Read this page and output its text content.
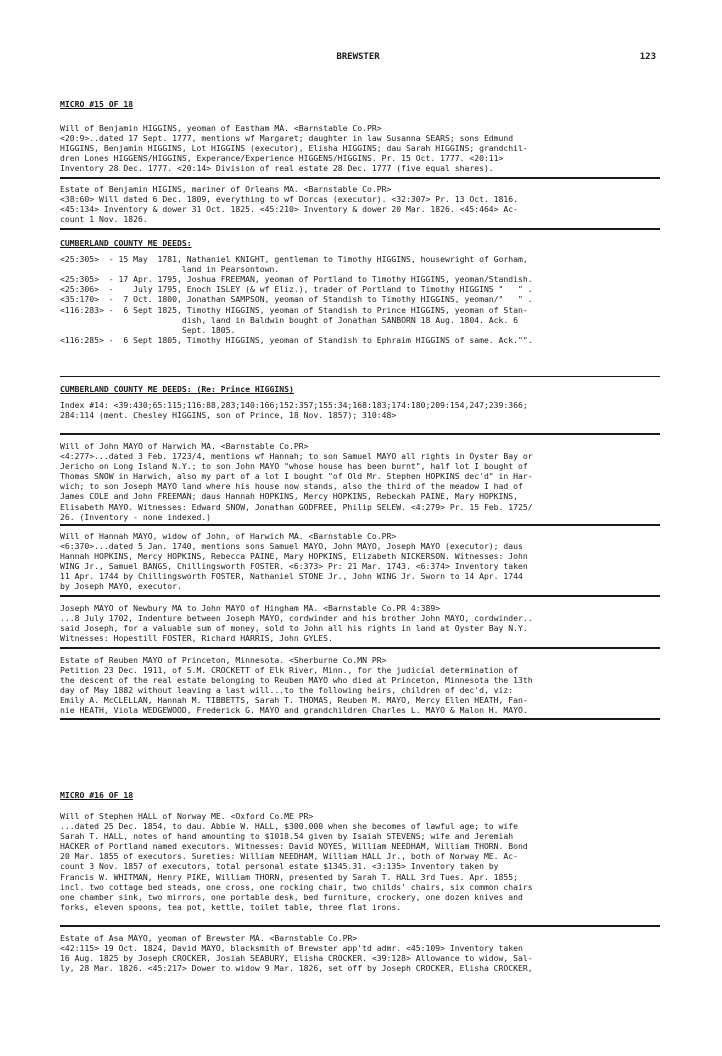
BREWSTER	123
MICRO #15 OF 18
Will of Benjamin HIGGINS, yeoman of Eastham MA. <Barnstable Co.PR>
<20:9>..dated 17 Sept. 1777, mentions wf Margaret; daughter in law Susanna SEARS; sons Edmund
HIGGINS, Benjamin HIGGINS, Lot HIGGINS (executor), Elisha HIGGINS; dau Sarah HIGGINS; grandchil-
dren Lones HIGGENS/HIGGINS, Experance/Experience HIGGENS/HIGGINS. Pr. 15 Oct. 1777. <20:11>
Inventory 28 Dec. 1777. <20:14> Division of real estate 28 Dec. 1777 (five equal shares).
Estate of Benjamin HIGINS, mariner of Orleans MA. <Barnstable Co.PR>
<38:60> Will dated 6 Dec. 1809, everything to wf Dorcas (executor). <32:307> Pr. 13 Oct. 1816.
<45:134> Inventory & dower 31 Oct. 1825. <45:210> Inventory & dower 20 Mar. 1826. <45:464> Ac-
count 1 Nov. 1826.
CUMBERLAND COUNTY ME DEEDS:
<25:305>  - 15 May  1781, Nathaniel KNIGHT, gentleman to Timothy HIGGINS, housewright of Gorham,
land in Pearsontown.
<25:305>  - 17 Apr. 1795, Joshua FREEMAN, yeoman of Portland to Timothy HIGGINS, yeoman/Standish.
<25:306>  -    July 1795, Enoch ISLEY (& wf Eliz.), trader of Portland to Timothy HIGGINS "   " .
<35:170>  -  7 Oct. 1800, Jonathan SAMPSON, yeoman of Standish to Timothy HIGGINS, yeoman/"   " .
<116:283> -  6 Sept 1825, Timothy HIGGINS, yeoman of Standish to Prince HIGGINS, yeoman of Stan-
dish, land in Baldwin bought of Jonathan SANBORN 18 Aug. 1804. Ack. 6
Sept. 1805.
<116:285> -  6 Sept 1805, Timothy HIGGINS, yeoman of Standish to Ephraim HIGGINS of same. Ack."".
CUMBERLAND COUNTY ME DEEDS: (Re: Prince HIGGINS)
Index #14: <39:430;65:115;116:88,283;140:166;152:357;155:34;168:183;174:180;209:154,247;239:366;
284:114 (ment. Chesley HIGGINS, son of Prince, 18 Nov. 1857); 310:48>
Will of John MAYO of Harwich MA. <Barnstable Co.PR>
<4:277>...dated 3 Feb. 1723/4, mentions wf Hannah; to son Samuel MAYO all rights in Oyster Bay or
Jericho on Long Island N.Y.; to son John MAYO "whose house has been burnt", half lot I bought of
Thomas SNOW in Harwich, also my part of a lot I bought "of Old Mr. Stephen HOPKINS dec'd" in Har-
wich; to son Joseph MAYO land where his house now stands, also the third of the meadow I had of
James COLE and John FREEMAN; daus Hannah HOPKINS, Mercy HOPKINS, Rebeckah PAINE, Mary HOPKINS,
Elisabeth MAYO. Witnesses: Edward SNOW, Jonathan GODFREE, Philip SELEW. <4:279> Pr. 15 Feb. 1725/
26. (Inventory - none indexed.)
Will of Hannah MAYO, widow of John, of Harwich MA. <Barnstable Co.PR>
<6:370>...dated 5 Jan. 1740, mentions sons Samuel MAYO, John MAYO, Joseph MAYO (executor); daus
Hannah HOPKINS, Mercy HOPKINS, Rebecca PAINE, Mary HOPKINS, Elizabeth NICKERSON. Witnesses: John
WING Jr., Samuel BANGS, Chillingsworth FOSTER. <6:373> Pr: 21 Mar. 1743. <6:374> Inventory taken
11 Apr. 1744 by Chillingsworth FOSTER, Nathaniel STONE Jr., John WING Jr. Sworn to 14 Apr. 1744
by Joseph MAYO, executor.
Joseph MAYO of Newbury MA to John MAYO of Hingham MA. <Barnstable Co.PR 4:389>
...8 July 1702, Indenture between Joseph MAYO, cordwinder and his brother John MAYO, cordwinder..
said Joseph, for a valuable sum of money, sold to John all his rights in land at Oyster Bay N.Y.
Witnesses: Hopestill FOSTER, Richard HARRIS, John GYLES.
Estate of Reuben MAYO of Princeton, Minnesota. <Sherburne Co.MN PR>
Petition 23 Dec. 1911, of S.M. CROCKETT of Elk River, Minn., for the judicial determination of
the descent of the real estate belonging to Reuben MAYO who died at Princeton, Minnesota the 13th
day of May 1882 without leaving a last will...to the following heirs, children of dec'd, viz:
Emily A. McCLELLAN, Hannah M. TIBBETTS, Sarah T. THOMAS, Reuben M. MAYO, Mercy Ellen HEATH, Fan-
nie HEATH, Viola WEDGEWOOD, Frederick G. MAYO and grandchildren Charles L. MAYO & Malon H. MAYO.
MICRO #16 OF 18
Will of Stephen HALL of Norway ME. <Oxford Co.ME PR>
...dated 25 Dec. 1854, to dau. Abbie W. HALL, $300.000 when she becomes of lawful age; to wife
Sarah T. HALL, notes of hand amounting to $1018.54 given by Isaiah STEVENS; wife and Jeremiah
HACKER of Portland named executors. Witnesses: David NOYES, William NEEDHAM, William THORN. Bond
20 Mar. 1855 of executors. Sureties: William NEEDHAM, William HALL Jr., both of Norway ME. Ac-
count 3 Nov. 1857 of executors, total personal estate $1345.31. <3:135> Inventory taken by
Francis W. WHITMAN, Henry PIKE, William THORN, presented by Sarah T. HALL 3rd Tues. Apr. 1855;
incl. two cottage bed steads, one cross, one rocking chair, two childs' chairs, six common chairs
one chamber sink, two mirrors, one portable desk, bed furniture, crockery, one dozen knives and
forks, eleven spoons, tea pot, kettle, toilet table, three flat irons.
Estate of Asa MAYO, yeoman of Brewster MA. <Barnstable Co.PR>
<42:115> 19 Oct. 1824, David MAYO, blacksmith of Brewster app'td admr. <45:109> Inventory taken
16 Aug. 1825 by Joseph CROCKER, Josiah SEABURY, Elisha CROCKER. <39:128> Allowance to widow, Sal-
ly, 28 Mar. 1826. <45:217> Dower to widow 9 Mar. 1826, set off by Joseph CROCKER, Elisha CROCKER,
